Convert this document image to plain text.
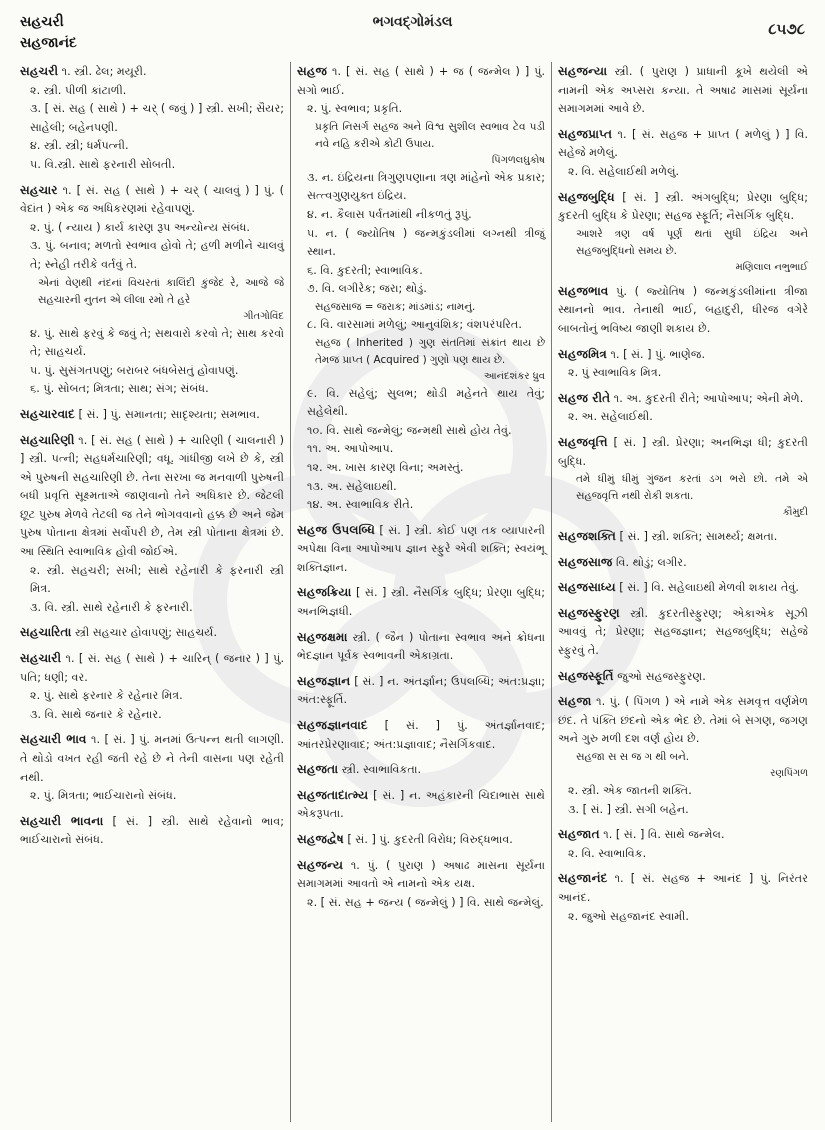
સહચરી
સહજાનંદ
ભગવદ્ગોમંડલ	૮૫૭૮
સહચરી ૧. સ્ત્રી. ઢેલ; મયૂરી.
૨. સ્ત્રી. પીળી કાંટાળી.
૩. [ સં. સહ ( સાથે ) + ચર્ ( જવું ) ] સ્ત્રી. સખી; સૈયર; સાહેલી; બહેનપણી.
૪. સ્ત્રી. સ્ત્રી; ધર્મપત્ની.
૫. વિ.સ્ત્રી. સાથે ફરનારી સોબતી.
સહચાર ૧. [ સં. સહ ( સાથે ) + ચર્ ( ચાલવું ) ] પું. ( વેદાંત ) એક જ અધિકરણમાં રહેવાપણું.
૨. પું. ( ન્યાય ) કાર્ય કારણ રૂપ અન્યોન્ય સંબંધ.
૩. પું. બનાવ; મળતો સ્વભાવ હોવો તે; હળી મળીને ચાલવું તે; સ્નેહી તરીકે વર્તવું તે.
એનાં વેણથી નંદનાં વિચરતાં કાલિંદી કુંજેદ રે, આજે જે સહચારની નુતન એ લીલા રમો તે હરે
ગીતગોવિંદ
૪. પું. સાથે ફરવું કે જવું તે; સથવારો કરવો તે; સાથ કરવો તે; સાહચર્ય.
૫. પું. સુસંગતપણું; બરાબર બંધબેસતું હોવાપણું.
૬. પું. સોબત; મિત્રતા; સાથ; સંગ; સંબંધ.
સહચારવાદ [ સં. ] પું. સમાનતા; સાદૃશ્યતા; સમભાવ.
સહચારિણી ૧. [ સં. સહ ( સાથે ) + ચારિણી ( ચાલનારી ) ] સ્ત્રી. પત્ની; સહધર્મચારિણી; વધૂ. ગાંધીજી લખે છે કે, સ્ત્રી એ પુરુષની સહચારિણી છે. તેના સરખા જ મનવાળી પુરુષની બધી પ્રવૃત્તિ સૂક્ષ્મતાએ જાણવાનો તેને અધિકાર છે. જેટલી છૂટ પુરુષ મેળવે તેટલી જ તેને ભોગવવાનો હક્ક છે અને જેમ પુરુષ પોતાના ક્ષેત્રમાં સર્વોપરી છે, તેમ સ્ત્રી પોતાના ક્ષેત્રમાં છે. આ સ્થિતિ સ્વાભાવિક હોવી જોઈએ.
૨. સ્ત્રી. સહચરી; સખી; સાથે રહેનારી કે ફરનારી સ્ત્રી મિત્ર.
૩. વિ. સ્ત્રી. સાથે રહેનારી કે ફરનારી.
સહચારિતા સ્ત્રી સહચાર હોવાપણું; સાહચર્ય.
સહચારી ૧. [ સં. સહ ( સાથે ) + ચારિન્ ( જનાર ) ] પું. પતિ; ધણી; વર.
૨. પું. સાથે ફરનાર કે રહેનાર મિત્ર.
૩. વિ. સાથે જનાર કે રહેનાર.
સહચારી ભાવ ૧. [ સં. ] પું. મનમાં ઉત્પન્ન થતી લાગણી. તે થોડો વખત રહી જતી રહે છે ને તેની વાસના પણ રહેતી નથી.
૨. પું. મિત્રતા; ભાઈચારાનો સંબંધ.
સહચારી ભાવના [ સં. ] સ્ત્રી. સાથે રહેવાનો ભાવ; ભાઈચારાનો સંબંધ.
સહજ ૧. [ સં. સહ ( સાથે ) + જ ( જન્મેલ ) ] પું. સગો ભાઈ.
૨. પું. સ્વભાવ; પ્રકૃતિ.
પ્રકૃતિ નિસર્ગ સહજ અને વિશ્વ સુશીલ સ્વભાવ ટેવ પડી નવે નહિ કરીએ કોટી ઉપાય.
પિંગળલઘુકોષ
૩. ન. ઇંદ્રિયના ત્રિગુણપણાના ત્રણ માંહેનો એક પ્રકાર; સત્ત્વગુણયુક્ત ઇંદ્રિય.
૪. ન. કૈલાસ પર્વતમાંથી નીકળતું રૂપું.
૫. ન. ( જ્યોતિષ ) જન્મકુંડલીમાં લગ્નથી ત્રીજું સ્થાન.
૬. વિ. કુદરતી; સ્વાભાવિક.
૭. વિ. લગીરેક; જરા; થોડું.
સહજસાજ = જરાક; માંડમાંડ; નામનું.
૮. વિ. વારસામાં મળેલું; આનુવંશિક; વંશપરંપરિત.
સહજ ( Inherited ) ગુણ સંતતિમાં સંક્રાંત થાય છે તેમજ પ્રાપ્ત ( Acquired ) ગુણો પણ થાય છે.
આનંદશંકર ધ્રુવ
૯. વિ. સહેલું; સુલભ; થોડી મહેનતે થાય તેવું; સહેલેથી.
૧૦. વિ. સાથે જન્મેલું; જન્મથી સાથે હોય તેવું.
૧૧. અ. આપોઆપ.
૧૨. અ. ખાસ કારણ વિના; અમસ્તું.
૧૩. અ. સહેલાઇથી.
૧૪. અ. સ્વાભાવિક રીતે.
સહજ ઉપલબ્ધિ [ સં. ] સ્ત્રી. કોઈ પણ તક વ્યાપારની અપેક્ષા વિના આપોઆપ જ્ઞાન સ્ફુરે એવી શક્તિ; સ્વયંભૂ શક્તિજ્ઞાન.
સહજક્રિયા [ સં. ] સ્ત્રી. નૈસર્ગિક બુદ્ધિ; પ્રેરણા બુદ્ધિ; અનભિજ્ઞધી.
સહજક્ષમા સ્ત્રી. ( જૈન ) પોતાના સ્વભાવ અને ક્રોધના ભેદજ્ઞાન પૂર્વક સ્વભાવની એકાગ્રતા.
સહજજ્ઞાન [ સં. ] ન. અંતર્જ્ઞાન; ઉપલબ્ધિ; અંત:પ્રજ્ઞા; અંત:સ્ફૂર્તિ.
સહજજ્ઞાનવાદ [ સં. ] પું. અંતર્જ્ઞાનવાદ; આંતરપ્રેરણાવાદ; અંત:પ્રજ્ઞાવાદ; નૈસર્ગિકવાદ.
સહજતા સ્ત્રી. સ્વાભાવિકતા.
સહજતાદાત્મ્ય [ સં. ] ન. અહંકારની ચિદાભાસ સાથે એકરૂપતા.
સહજદ્વેષ [ સં. ] પું. કુદરતી વિરોધ; વિરુદ્ધભાવ.
સહજન્ય ૧. પું. ( પુરાણ ) અષાઢ માસના સૂર્યના સમાગમમાં આવતો એ નામનો એક યક્ષ.
૨. [ સં. સહ + જન્ય ( જન્મેલું ) ] વિ. સાથે જન્મેલું.
સહજન્યા સ્ત્રી. ( પુરાણ ) પ્રાધાની કૂખે થયેલી એ નામની એક અપ્સરા કન્યા. તે અષાઢ માસમાં સૂર્યના સમાગમમાં આવે છે.
સહજપ્રાપ્ત ૧. [ સં. સહજ + પ્રાપ્ત ( મળેલું ) ] વિ. સહેજે મળેલું.
૨. વિ. સહેલાઈથી મળેલું.
સહજબુદ્ધિ [ સં. ] સ્ત્રી. અંગબુદ્ધિ; પ્રેરણા બુદ્ધિ; કુદરતી બુદ્ધિ કે પ્રેરણા; સહજ સ્ફૂર્તિ; નૈસર્ગિક બુદ્ધિ.
આશરે ત્રણ વર્ષ પૂર્ણ થતાં સુધી ઇંદ્રિય અને સહજબુદ્ધિનો સમય છે.
મણિલાલ નભુભાઈ
સહજભાવ પું. ( જ્યોતિષ ) જન્મકુંડલીમાંના ત્રીજા સ્થાનનો ભાવ. તેનાથી ભાઈ, બહાદુરી, ધીરજ વગેરે બાબતોનું ભવિષ્ય જાણી શકાય છે.
સહજમિત્ર ૧. [ સં. ] પું. ભાણેજ.
૨. પું સ્વાભાવિક મિત્ર.
સહજ રીતે ૧. અ. કુદરતી રીતે; આપોઆપ; એની મેળે.
૨. અ. સહેલાઈથી.
સહજવૃત્તિ [ સં. ] સ્ત્રી. પ્રેરણા; અનભિજ્ઞ ધી; કુદરતી બુદ્ધિ.
તમે ધીમું ધીમું ગુંજન કરતાં ડગ ભરો છો. તમે એ સહજવૃત્તિ નથી રોકી શકતા.
કૌમુદી
સહજશક્તિ [ સં. ] સ્ત્રી. શક્તિ; સામર્થ્ય; ક્ષમતા.
સહજસાજ વિ. થોડું; લગીર.
સહજસાધ્ય [ સં. ] વિ. સહેલાઇથી મેળવી શકાય તેવું.
સહજસ્ફુરણ સ્ત્રી. કુદરતીસ્ફુરણ; એકાએક સૂઝી આવવું તે; પ્રેરણા; સહજજ્ઞાન; સહજબુદ્ધિ; સહેજે સ્ફુરવું તે.
સહજસ્ફૂર્તિ જુઓ સહજસ્ફુરણ.
સહજા ૧. પું. ( પિંગળ ) એ નામે એક સમવૃત્ત વર્ણમેળ છંદ. તે પંક્તિ છંદનો એક ભેદ છે. તેમાં બે સગણ, જગણ અને ગુરુ મળી દશ વર્ણ હોય છે.
સહજા સ સ જ ગ થી બને.
રણપિંગળ
૨. સ્ત્રી. એક જાતની શક્તિ.
૩. [ સં. ] સ્ત્રી. સગી બહેન.
સહજાત ૧. [ સં. ] વિ. સાથે જન્મેલ.
૨. વિ. સ્વાભાવિક.
સહજાનંદ ૧. [ સં. સહજ + આનંદ ] પું. નિરંતર આનંદ.
૨. જુઓ સહજાનંદ સ્વામી.
